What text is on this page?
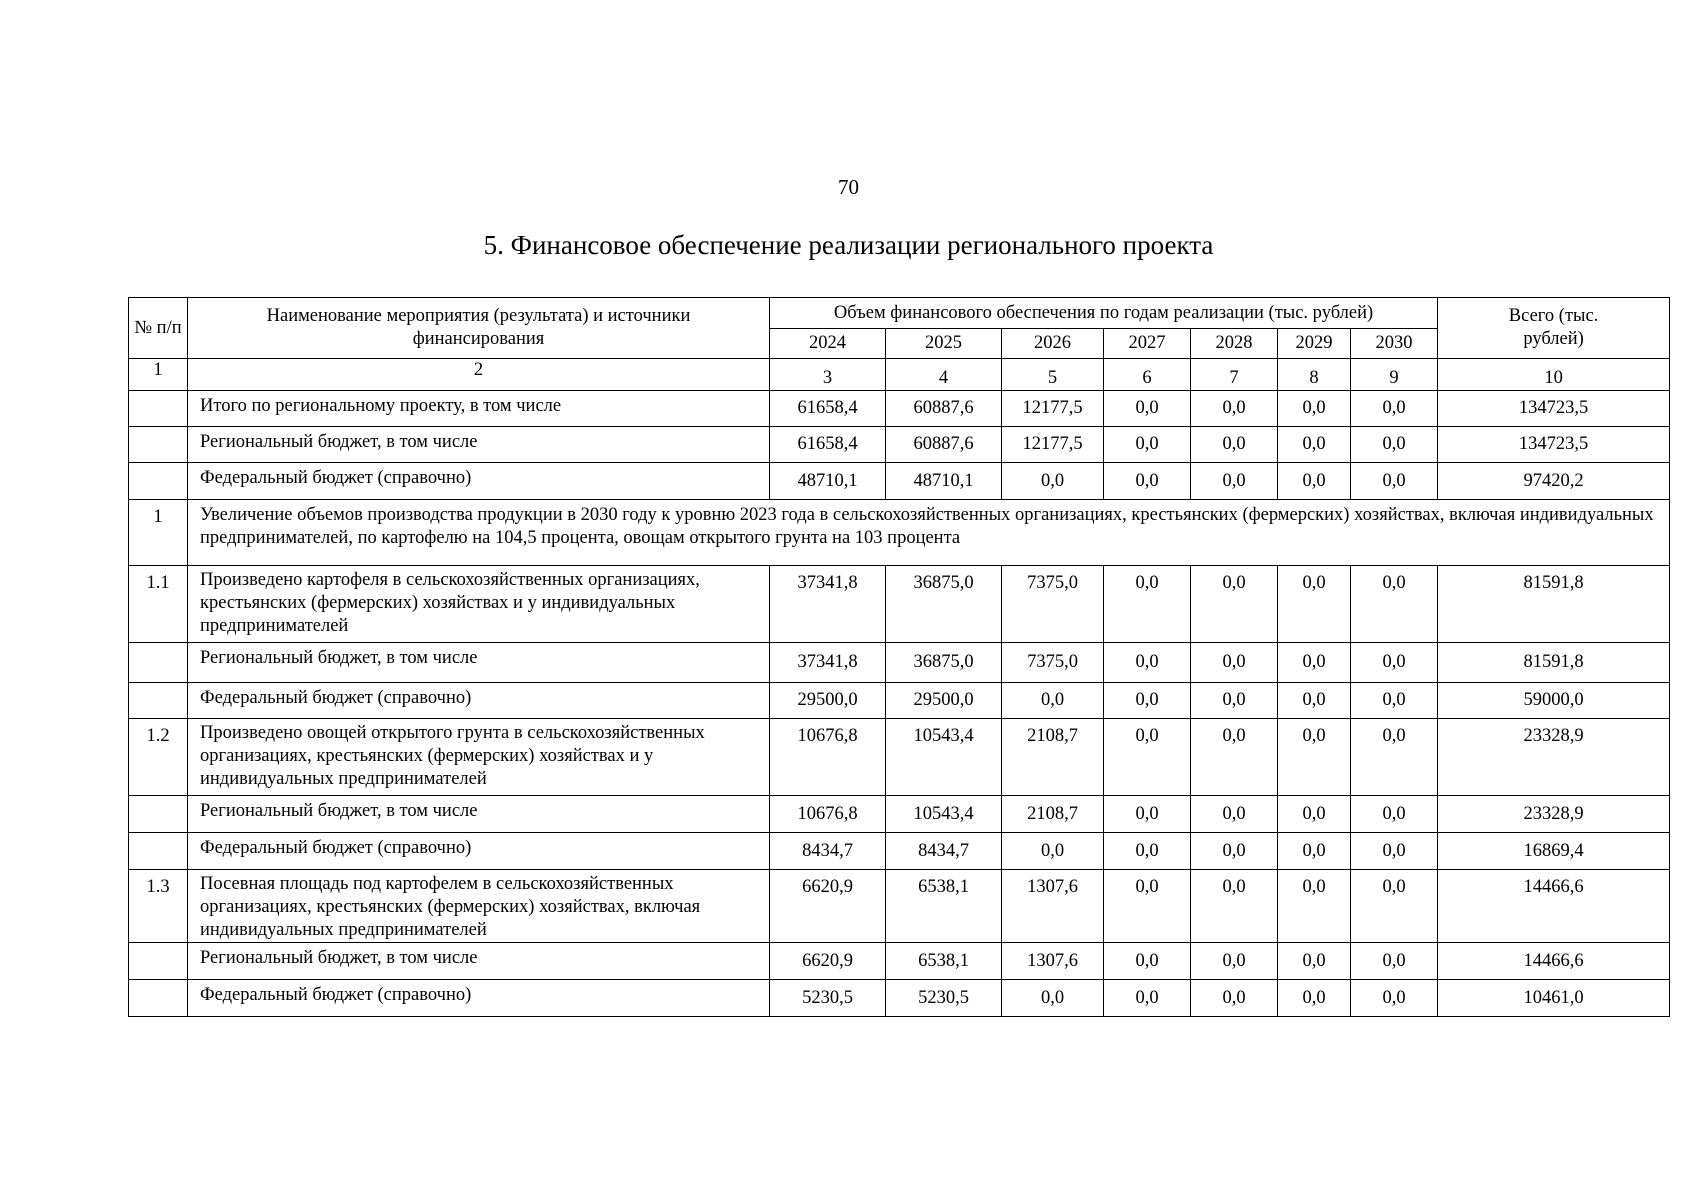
70
5. Финансовое обеспечение реализации регионального проекта
№ п/п	Наименование мероприятия (результата) и источники финансирования	Объем финансового обеспечения по годам реализации (тыс. рублей)							Всего (тыс. рублей)
		2024	2025	2026	2027	2028	2029	2030	
1	2	3	4	5	6	7	8	9	10
	Итого по региональному проекту, в том числе	61658,4	60887,6	12177,5	0,0	0,0	0,0	0,0	134723,5
	Региональный бюджет, в том числе	61658,4	60887,6	12177,5	0,0	0,0	0,0	0,0	134723,5
	Федеральный бюджет (справочно)	48710,1	48710,1	0,0	0,0	0,0	0,0	0,0	97420,2
1	Увеличение объемов производства продукции в 2030 году к уровню 2023 года в сельскохозяйственных организациях, крестьянских (фермерских) хозяйствах, включая индивидуальных предпринимателей, по картофелю на 104,5 процента, овощам открытого грунта на 103 процента								
1.1	Произведено картофеля в сельскохозяйственных организациях, крестьянских (фермерских) хозяйствах и у индивидуальных предпринимателей	37341,8	36875,0	7375,0	0,0	0,0	0,0	0,0	81591,8
	Региональный бюджет, в том числе	37341,8	36875,0	7375,0	0,0	0,0	0,0	0,0	81591,8
	Федеральный бюджет (справочно)	29500,0	29500,0	0,0	0,0	0,0	0,0	0,0	59000,0
1.2	Произведено овощей открытого грунта в сельскохозяйственных организациях, крестьянских (фермерских) хозяйствах и у индивидуальных предпринимателей	10676,8	10543,4	2108,7	0,0	0,0	0,0	0,0	23328,9
	Региональный бюджет, в том числе	10676,8	10543,4	2108,7	0,0	0,0	0,0	0,0	23328,9
	Федеральный бюджет (справочно)	8434,7	8434,7	0,0	0,0	0,0	0,0	0,0	16869,4
1.3	Посевная площадь под картофелем в сельскохозяйственных организациях, крестьянских (фермерских) хозяйствах, включая индивидуальных предпринимателей	6620,9	6538,1	1307,6	0,0	0,0	0,0	0,0	14466,6
	Региональный бюджет, в том числе	6620,9	6538,1	1307,6	0,0	0,0	0,0	0,0	14466,6
	Федеральный бюджет (справочно)	5230,5	5230,5	0,0	0,0	0,0	0,0	0,0	10461,0
